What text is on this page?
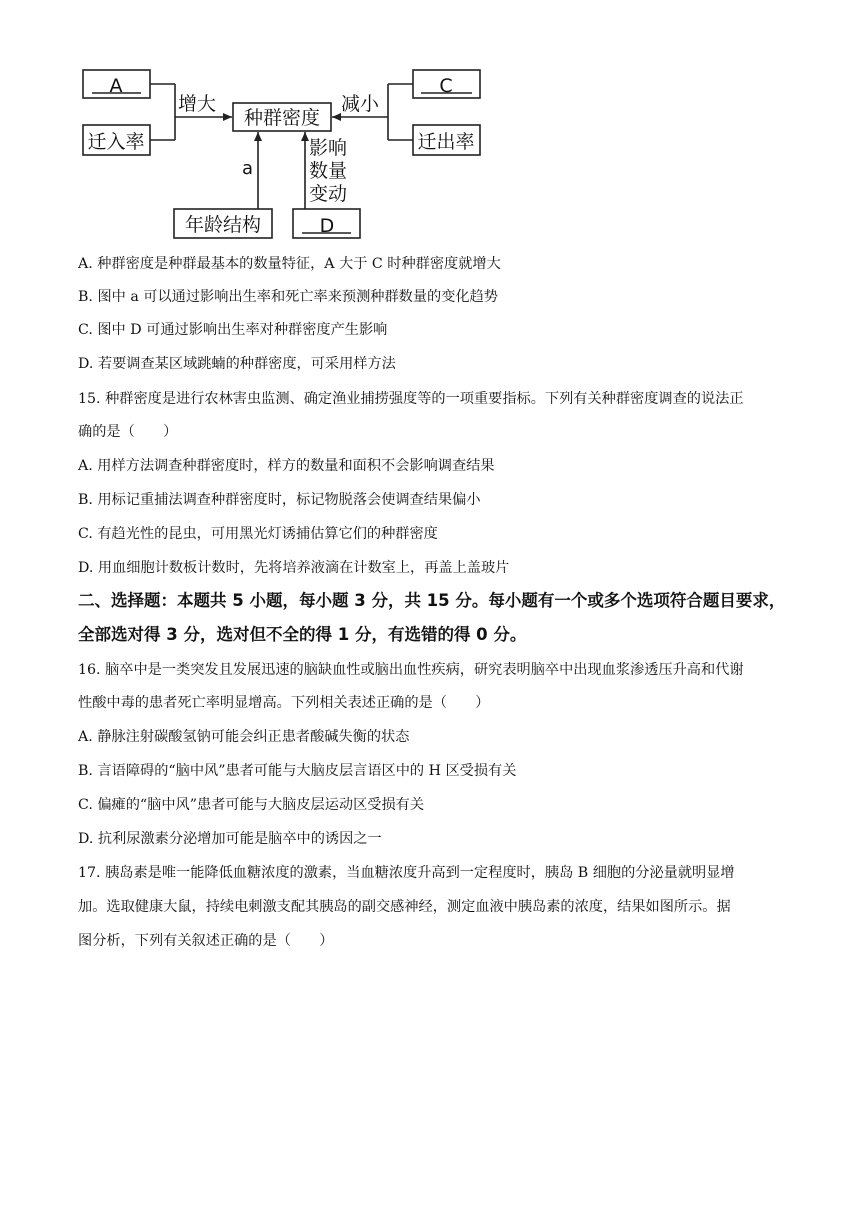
A
迁入率
C
迁出率
种群密度
年龄结构	D
增大	减小
a
影响
数量
变动
A. 种群密度是种群最基本的数量特征，A 大于 C 时种群密度就增大
B. 图中 a 可以通过影响出生率和死亡率来预测种群数量的变化趋势
C. 图中 D 可通过影响出生率对种群密度产生影响
D. 若要调查某区域跳蝻的种群密度，可采用样方法
15. 种群密度是进行农林害虫监测、确定渔业捕捞强度等的一项重要指标。下列有关种群密度调查的说法正
确的是（　　）
A. 用样方法调查种群密度时，样方的数量和面积不会影响调查结果
B. 用标记重捕法调查种群密度时，标记物脱落会使调查结果偏小
C. 有趋光性的昆虫，可用黑光灯诱捕估算它们的种群密度
D. 用血细胞计数板计数时，先将培养液滴在计数室上，再盖上盖玻片
二、选择题：本题共 5 小题，每小题 3 分，共 15 分。每小题有一个或多个选项符合题目要求，
全部选对得 3 分，选对但不全的得 1 分，有选错的得 0 分。
16. 脑卒中是一类突发且发展迅速的脑缺血性或脑出血性疾病，研究表明脑卒中出现血浆渗透压升高和代谢
性酸中毒的患者死亡率明显增高。下列相关表述正确的是（　　）
A. 静脉注射碳酸氢钠可能会纠正患者酸碱失衡的状态
B. 言语障碍的“脑中风”患者可能与大脑皮层言语区中的 H 区受损有关
C. 偏瘫的“脑中风”患者可能与大脑皮层运动区受损有关
D. 抗利尿激素分泌增加可能是脑卒中的诱因之一
17. 胰岛素是唯一能降低血糖浓度的激素，当血糖浓度升高到一定程度时，胰岛 B 细胞的分泌量就明显增
加。选取健康大鼠，持续电刺激支配其胰岛的副交感神经，测定血液中胰岛素的浓度，结果如图所示。据
图分析，下列有关叙述正确的是（　　）
